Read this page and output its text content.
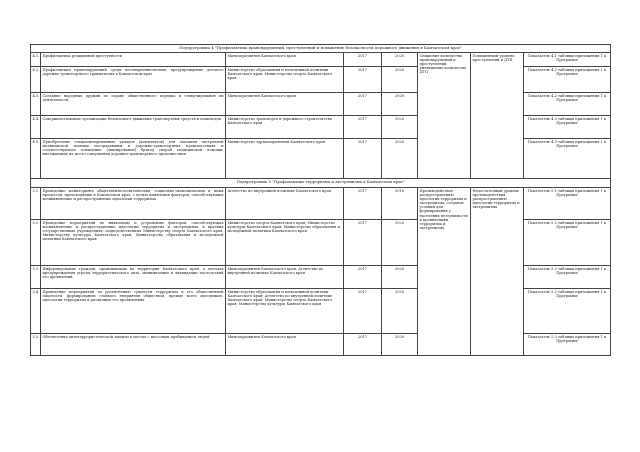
Подпрограмма 4 "Профилактика правонарушений, преступлений и повышение безопасности дорожного движения в Камчатском крае"							
4.1.	Профилактика рецидивной преступности	Минсоцразвития Камчатского края	2017	2020	Снижение количества правонарушений и преступлений, уменьшение количества ДТП	Повышенный уровень преступлений и ДТП	Показатель 4.1 таблицы приложения 1 к Программе
4.2.	Профилактика правонарушений среди несовершеннолетних, предупреждение детского дорожно-транспортного травматизма в Камчатском крае	Министерство образования и молодежной политики Камчатского края; Министерство спорта Камчатского края	2017	2020			Показатель 4.2 таблицы приложения 1 к Программе
4.3.	Создание народных дружин по охране общественного порядка и стимулирование их деятельности	Минсоцразвития Камчатского края	2017	2020			Показатель 4.2 таблицы приложения 1 к Программе
4.4.	Совершенствование организации безопасного движения транспортных средств и пешеходов	Министерство транспорта и дорожного строительства Камчатского края	2017	2020			Показатель 4.3 таблицы приложения 1 к Программе
4.5.	Приобретение специализированных укладок (комплектов) для оказания экстренной медицинской помощи пострадавшим в дорожно-транспортных происшествиях и соответствующее оснащение (экипирование) бригад скорой медицинской помощи, выезжающих на место совершения дорожно-транспортного происшествия	Министерство здравоохранения Камчатского края	2017	2020			Показатель 4.3 таблицы приложения 1 к Программе
Подпрограмма 5 "Профилактика терроризма и экстремизма в Камчатском крае"							
5.1.	Проведение мониторинга общественно-политических, социально-экономических и иных процессов, происходящих в Камчатском крае, с целью выявления факторов, способствующих возникновению и распространению идеологии терроризма	Агентство по внутренней политике Камчатского края	2017	2018	Противодействие распространению идеологии терроризма и экстремизма, создание условий для формирования у населения нетерпимости к проявлениям терроризма и экстремизма	Недостаточный уровень противодействия распространению идеологии терроризма и экстремизма	Показатель 5.1 таблицы приложения 1 к Программе
5.2.	Проведение мероприятий по выявлению и устранению факторов, способствующих возникновению и распространению идеологии терроризма и экстремизма, в краевых государственных учреждениях, подведомственных Министерству спорта Камчатского края, Министерству культуры Камчатского края, Министерству образования и молодежной политики Камчатского края	Министерство спорта Камчатского края; Министерство культуры Камчатского края; Министерство образования и молодежной политики Камчатского края	2017	2020			Показатель 5.2 таблицы приложения 1 к Программе
5.3.	Информирование граждан, проживающих на территории Камчатского края, о методах предупреждения угрозы террористического акта, минимизации и ликвидации последствий его проявлений	Минсоцразвития Камчатского края; Агентство по внутренней политике Камчатского края	2017	2020			Показатель 5.2 таблицы приложения 1 к Программе
5.4.	Проведение мероприятий по разъяснению сущности терроризма и его общественной опасности, формированию стойкого неприятия обществом, прежде всего молодежью, идеологии терроризма в различных его проявлениях	Министерство образования и молодежной политики Камчатского края; Агентство по внутренней политике Камчатского края; Министерство спорта Камчатского края; Министерство культуры Камчатского края	2017	2020			Показатель 5.2 таблицы приложения 1 к Программе
5.5.	Обеспечение антитеррористической защиты в местах с массовым пребыванием людей	Минсоцразвития Камчатского края	2017	2020			Показатель 5.3 таблицы приложения 1 к Программе
